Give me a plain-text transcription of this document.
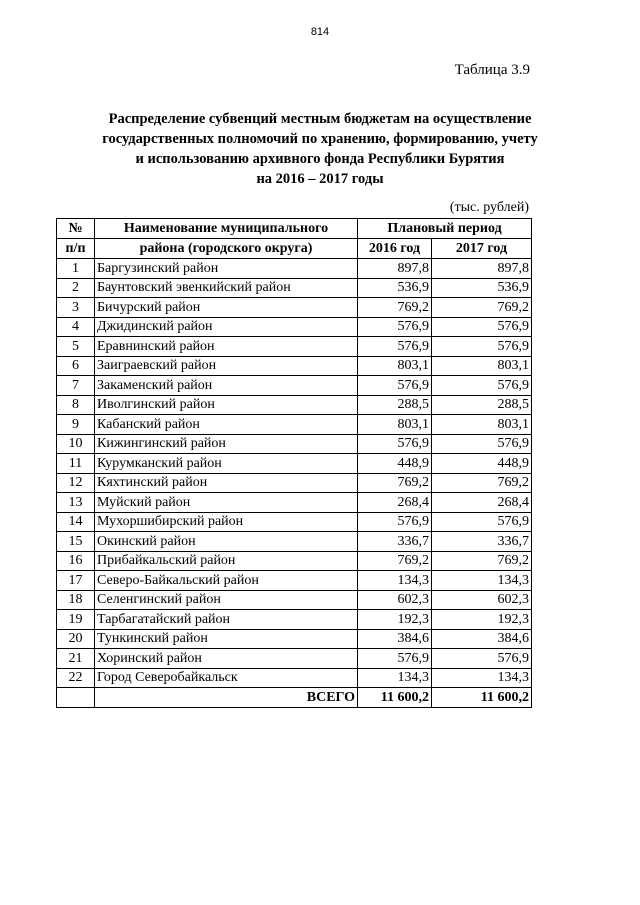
814
Таблица 3.9
Распределение субвенций местным бюджетам на осуществление
государственных полномочий по хранению, формированию, учету
и использованию архивного фонда Республики Бурятия
на 2016 – 2017 годы
(тыс. рублей)
№	Наименование муниципального	Плановый период	
п/п	района (городского округа)	2016 год	2017 год
1	Баргузинский район	897,8	897,8
2	Баунтовский эвенкийский район	536,9	536,9
3	Бичурский район	769,2	769,2
4	Джидинский район	576,9	576,9
5	Еравнинский район	576,9	576,9
6	Заиграевский район	803,1	803,1
7	Закаменский район	576,9	576,9
8	Иволгинский район	288,5	288,5
9	Кабанский район	803,1	803,1
10	Кижингинский район	576,9	576,9
11	Курумканский район	448,9	448,9
12	Кяхтинский район	769,2	769,2
13	Муйский район	268,4	268,4
14	Мухоршибирский район	576,9	576,9
15	Окинский район	336,7	336,7
16	Прибайкальский район	769,2	769,2
17	Северо-Байкальский район	134,3	134,3
18	Селенгинский район	602,3	602,3
19	Тарбагатайский район	192,3	192,3
20	Тункинский район	384,6	384,6
21	Хоринский район	576,9	576,9
22	Город Северобайкальск	134,3	134,3
	ВСЕГО	11 600,2	11 600,2
